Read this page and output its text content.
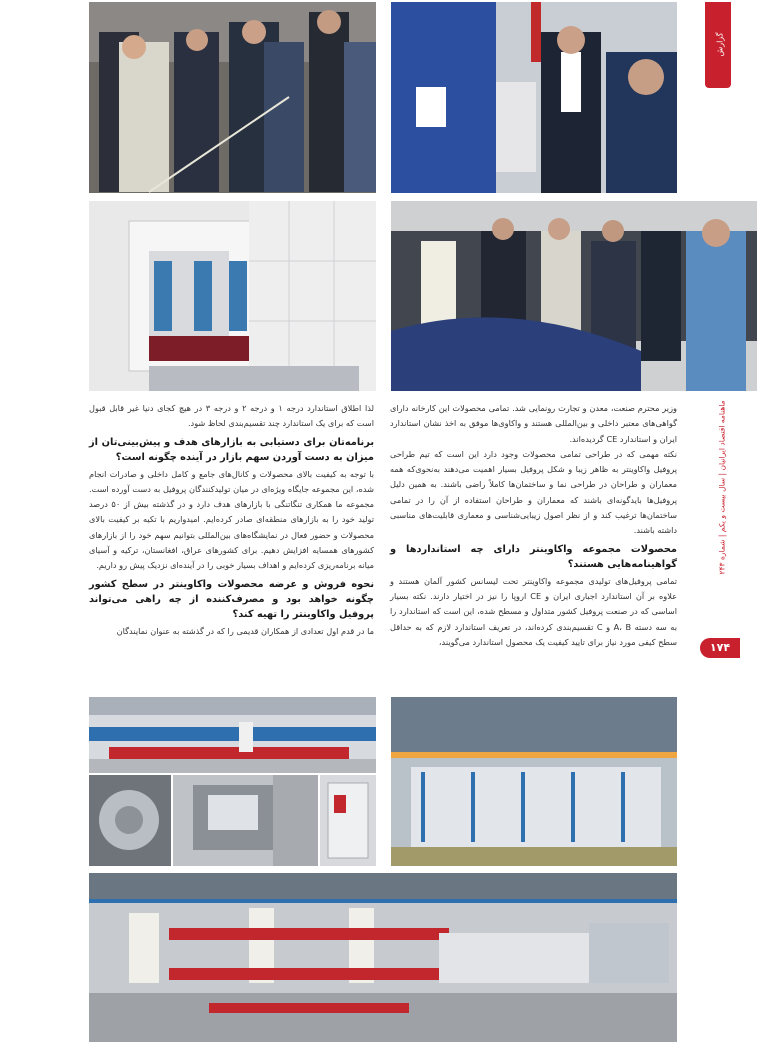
گزارش

لذا اطلاق استاندارد درجه ۱ و درجه ۲ و درجه ۳ در هیچ کجای دنیا غیر قابل قبول است که برای یک استاندارد چند تقسیم‌بندی لحاظ شود.

برنامه‌تان برای دستیابی به بازارهای هدف و پیش‌بینی‌تان از میزان به دست آوردن سهم بازار در آینده چگونه است؟

با توجه به کیفیت بالای محصولات و کانال‌های جامع و کامل داخلی و صادرات انجام شده، این مجموعه جایگاه ویژه‌ای در میان تولیدکنندگان پروفیل به دست آورده است. مجموعه ما همکاری تنگاتنگی با بازارهای هدف دارد و در گذشته بیش از ۵۰ درصد تولید خود را به بازارهای منطقه‌ای صادر کرده‌ایم. امیدواریم با تکیه بر کیفیت بالای محصولات و حضور فعال در نمایشگاه‌های بین‌المللی بتوانیم سهم خود را از بازارهای کشورهای همسایه افزایش دهیم. برای کشورهای عراق، افغانستان، ترکیه و آسیای میانه برنامه‌ریزی کرده‌ایم و اهداف بسیار خوبی را در آینده‌ای نزدیک پیش رو داریم.

نحوه فروش و عرضه محصولات واکاوینتر در سطح کشور چگونه خواهد بود و مصرف‌کننده از چه راهی می‌تواند پروفیل واکاوینتر را تهیه کند؟

ما در قدم اول تعدادی از همکاران قدیمی را که در گذشته به عنوان نمایندگان

وزیر محترم صنعت، معدن و تجارت رونمایی شد. تمامی محصولات این کارخانه دارای گواهی‌های معتبر داخلی و بین‌المللی هستند و واکاوی‌ها موفق به اخذ نشان استاندارد ایران و استاندارد CE گردیده‌اند.

نکته مهمی که در طراحی تمامی محصولات وجود دارد این است که تیم طراحی پروفیل واکاوینتر به ظاهر زیبا و شکل پروفیل بسیار اهمیت می‌دهند به‌نحوی‌که همه معماران و طراحان در طراحی نما و ساختمان‌ها کاملاً راضی باشند. به همین دلیل پروفیل‌ها بایدگونه‌ای باشند که معماران و طراحان استفاده از آن را در تمامی ساختمان‌ها ترغیب کند و از نظر اصول زیبایی‌شناسی و معماری قابلیت‌های مناسبی داشته باشند.

محصولات مجموعه واکاوینتر دارای چه استانداردها و گواهینامه‌هایی هستند؟

تمامی پروفیل‌های تولیدی مجموعه واکاوینتر تحت لیسانس کشور آلمان هستند و علاوه بر آن استاندارد اجباری ایران و CE اروپا را نیز در اختیار دارند. نکته بسیار اساسی که در صنعت پروفیل کشور متداول و مسطح شده، این است که استاندارد را به سه دسته A، B و C تقسیم‌بندی کرده‌اند، در تعریف استاندارد لازم که به حداقل سطح کیفی مورد نیاز برای تایید کیفیت یک محصول استاندارد می‌گویند،

ماهنامه اقتصاد ایرانیان | سال بیست و یکم | شماره ۲۴۳
۱۷۴
